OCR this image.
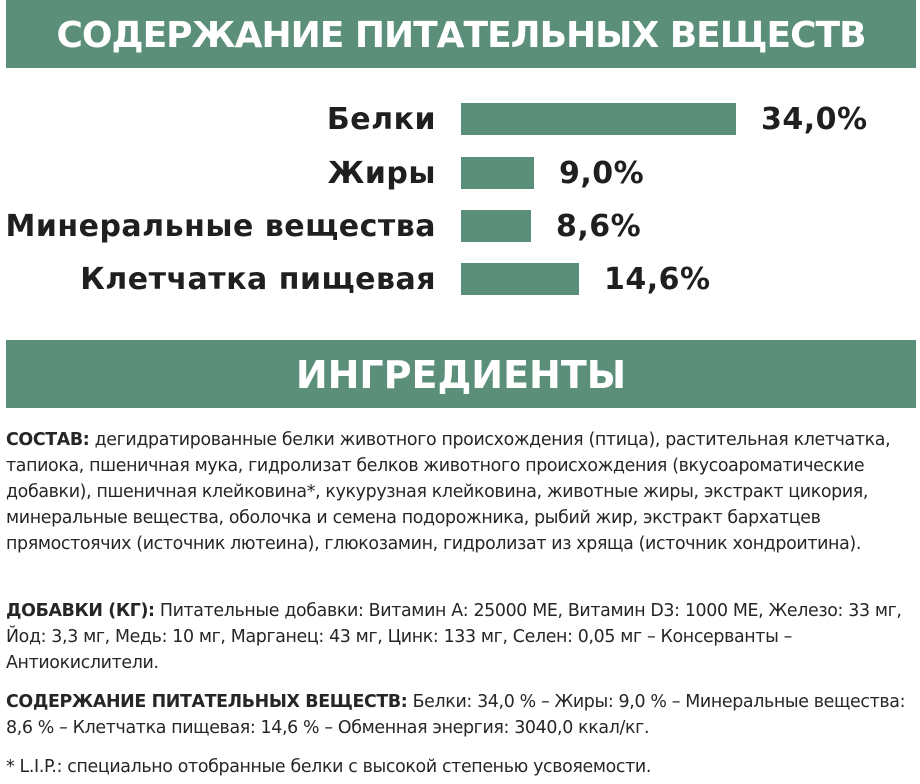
СОДЕРЖАНИЕ ПИТАТЕЛЬНЫХ ВЕЩЕСТВ
Белки	34,0%
Жиры	9,0%
Минеральные вещества	8,6%
Клетчатка пищевая	14,6%
ИНГРЕДИЕНТЫ
СОСТАВ: дегидратированные белки животного происхождения (птица), растительная клетчатка, тапиока, пшеничная мука, гидролизат белков животного происхождения (вкусоароматические добавки), пшеничная клейковина*, кукурузная клейковина, животные жиры, экстракт цикория, минеральные вещества, оболочка и семена подорожника, рыбий жир, экстракт бархатцев прямостоячих (источник лютеина), глюкозамин, гидролизат из хряща (источник хондроитина).
ДОБАВКИ (КГ): Питательные добавки: Витамин А: 25000 МЕ, Витамин D3: 1000 МЕ, Железо: 33 мг, Йод: 3,3 мг, Медь: 10 мг, Марганец: 43 мг, Цинк: 133 мг, Селен: 0,05 мг – Консерванты – Антиокислители.
СОДЕРЖАНИЕ ПИТАТЕЛЬНЫХ ВЕЩЕСТВ: Белки: 34,0 % – Жиры: 9,0 % – Минеральные вещества: 8,6 % – Клетчатка пищевая: 14,6 % – Обменная энергия: 3040,0 ккал/кг.
* L.I.P.: специально отобранные белки с высокой степенью усвояемости.
